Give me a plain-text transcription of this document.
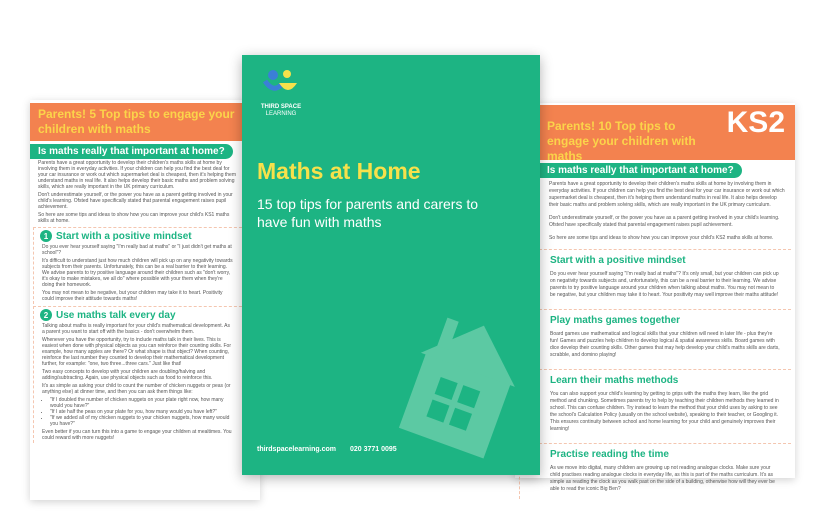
Parents! 5 Top tips to engage your children with maths
Is maths really that important at home?

Parents have a great opportunity to develop their children's maths skills at home by involving them in everyday activities. If your children can help you find the best deal for your car insurance or work out which supermarket deal is cheapest, then it's helping them understand maths in real life. It also helps develop their basic maths and problem solving skills, which are really important in the UK primary curriculum.

Don't underestimate yourself, or the power you have as a parent getting involved in your child's learning. Ofsted have specifically stated that parental engagement raises pupil achievement.

So here are some tips and ideas to show how you can improve your child's KS1 maths skills at home.

1 Start with a positive mindset

Do you ever hear yourself saying "I'm really bad at maths" or "I just didn't get maths at school"?

It's difficult to understand just how much children will pick up on any negativity towards subjects from their parents. Unfortunately, this can be a real barrier to their learning. We advise parents to try positive language around their children such as "don't worry, it's okay to make mistakes, we all do" where possible with your them when they're doing their homework.

You may not mean to be negative, but your children may take it to heart. Positivity could improve their attitude towards maths!

2 Use maths talk every day

Talking about maths is really important for your child's mathematical development. As a parent you want to start off with the basics - don't overwhelm them.

Whenever you have the opportunity, try to include maths talk in their lives. This is easiest when done with physical objects as you can reinforce their counting skills. For example, how many apples are there? Or what shape is that object? When counting, reinforce the last number they counted to develop their mathematical development further, for example: "one, two three...three cars." Just like that!

Two easy concepts to develop with your children are doubling/halving and adding/subtracting. Again, use physical objects such as food to reinforce this.

It's as simple as asking your child to count the number of chicken nuggets or peas (or anything else) at dinner time, and then you can ask them things like:

• "If I doubled the number of chicken nuggets on your plate right now, how many would you have?"
• "If I ate half the peas on your plate for you, how many would you have left?"
• "If we added all of my chicken nuggets to your chicken nuggets, how many would you have?"

Even better if you can turn this into a game to engage your children at mealtimes. You could reward with more nuggets!

Parents! 10 Top tips to engage your children with maths
KS2
Is maths really that important at home?

Parents have a great opportunity to develop their children's maths skills at home by involving them in everyday activities. If your children can help you find the best deal for your car insurance or work out which supermarket deal is cheapest, then it's helping them understand maths in real life. It also helps develop their basic maths and problem solving skills, which are really important in the UK primary curriculum.

Don't underestimate yourself, or the power you have as a parent getting involved in your child's learning. Ofsted have specifically stated that parental engagement raises pupil achievement.

So here are some tips and ideas to show how you can improve your child's KS2 maths skills at home.

Start with a positive mindset

Do you ever hear yourself saying "I'm really bad at maths"? It's only small, but your children can pick up on negativity towards subjects and, unfortunately, this can be a real barrier to their learning. We advise parents to try positive language around your children when talking about maths. You may not mean to be negative, but your children may take it to heart. Your positivity may well improve their maths attitude!

Play maths games together

Board games use mathematical and logical skills that your children will need in later life - plus they're fun! Games and puzzles help children to develop logical & spatial awareness skills. Board games with dice develop their counting skills. Other games that may help develop your child's maths skills are darts, scrabble, and domino playing!

Learn their maths methods

You can also support your child's learning by getting to grips with the maths they learn, like the grid method and chunking. Sometimes parents try to help by teaching their children methods they learned in school. This can confuse children. Try instead to learn the method that your child uses by asking to see the school's Calculation Policy (usually on the school website), speaking to their teacher, or Googling it. This ensures continuity between school and home learning for your child and genuinely improves their learning!

Practise reading the time

As we move into digital, many children are growing up not reading analogue clocks. Make sure your child practises reading analogue clocks in everyday life, as this is part of the maths curriculum. It's as simple as reading the clock as you walk past on the side of a building, otherwise how will they ever be able to read the iconic Big Ben?

THIRD SPACE
LEARNING
Maths at Home
15 top tips for parents and carers to have fun with maths
thirdspacelearning.com 020 3771 0095
